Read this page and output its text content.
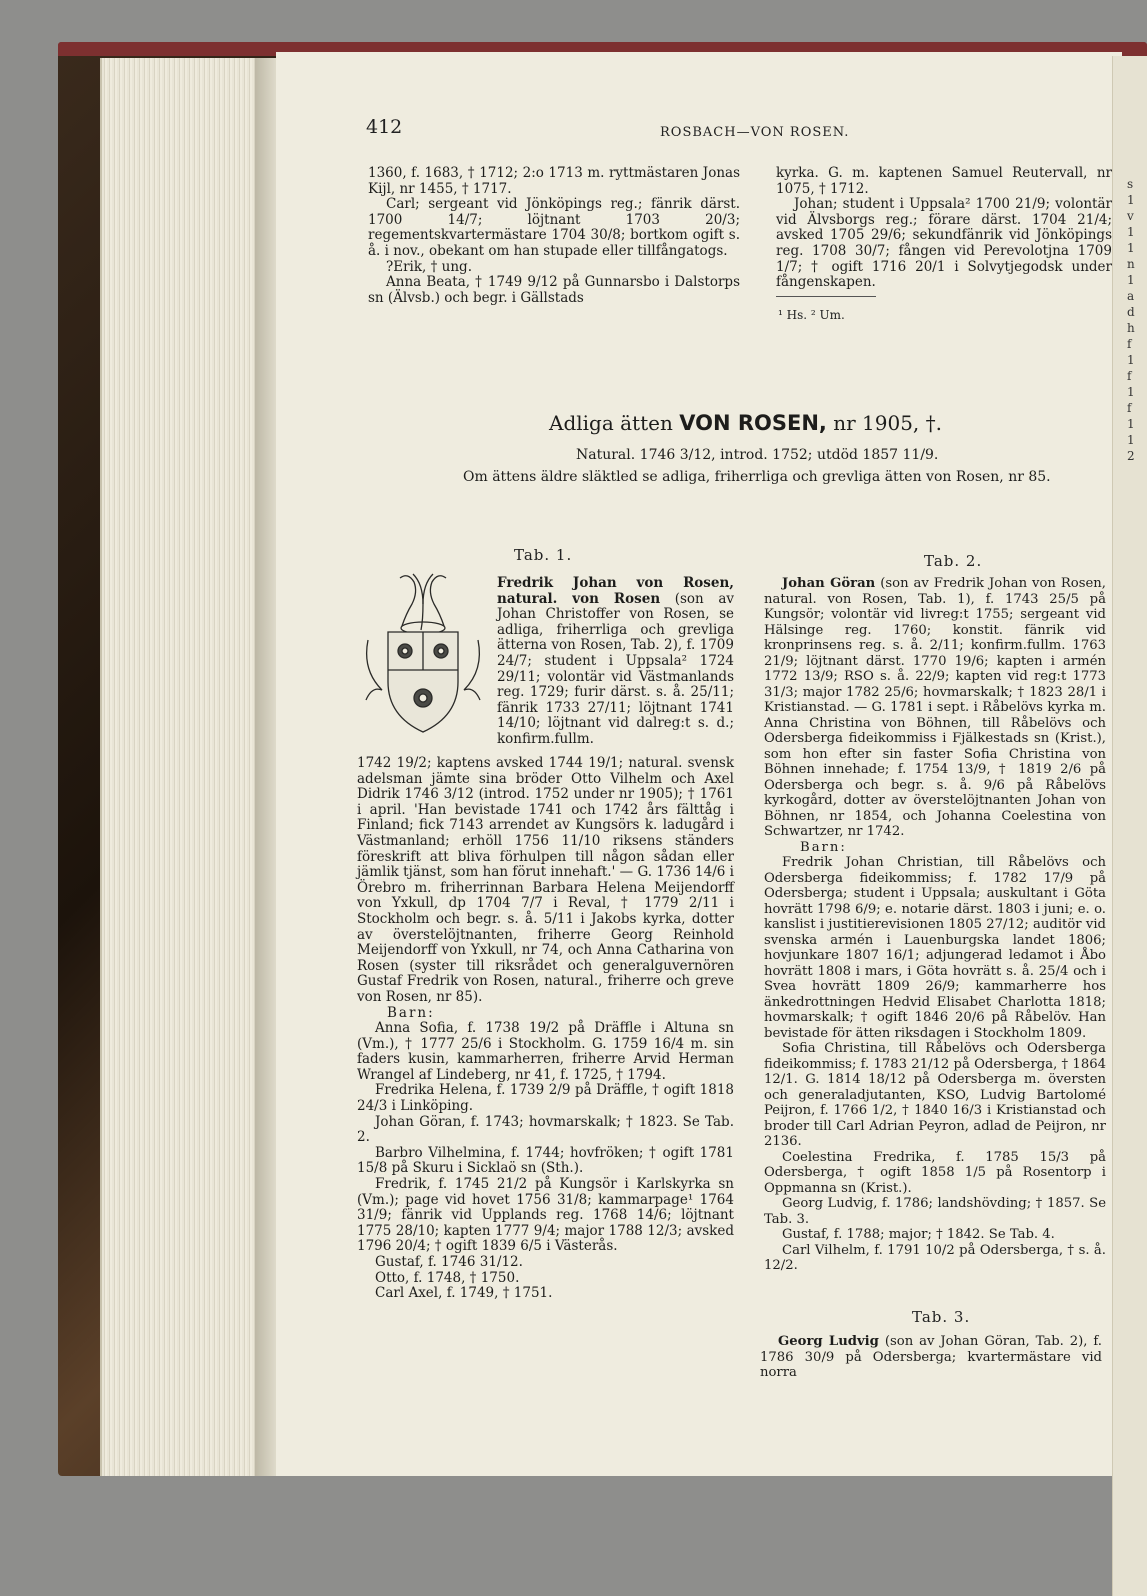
s
1
v
1
1
n
1
a
d
h
f
1
f
1
f
1
1
2
412	ROSBACH—VON ROSEN.

1360, f. 1683, † 1712; 2:o 1713 m. ryttmästaren Jonas Kijl, nr 1455, † 1717.

Carl; sergeant vid Jönköpings reg.; fänrik därst. 1700 14/7; löjtnant 1703 20/3; regementskvartermästare 1704 30/8; bortkom ogift s. å. i nov., obekant om han stupade eller tillfångatogs.

?Erik, † ung.

Anna Beata, † 1749 9/12 på Gunnarsbo i Dalstorps sn (Älvsb.) och begr. i Gällstads

kyrka. G. m. kaptenen Samuel Reutervall, nr 1075, † 1712.

Johan; student i Uppsala² 1700 21/9; volontär vid Älvsborgs reg.; förare därst. 1704 21/4; avsked 1705 29/6; sekundfänrik vid Jönköpings reg. 1708 30/7; fången vid Perevolotjna 1709 1/7; † ogift 1716 20/1 i Solvytjegodsk under fångenskapen.

¹ Hs. ² Um.
Adliga ätten VON ROSEN, nr 1905, †.
Natural. 1746 3/12, introd. 1752; utdöd 1857 11/9.
Om ättens äldre släktled se adliga, friherrliga och grevliga ätten von Rosen, nr 85.
Tab. 1.

Fredrik Johan von Rosen, natural. von Rosen (son av Johan Christoffer von Rosen, se adliga, friherrliga och grevliga ätterna von Rosen, Tab. 2), f. 1709 24/7; student i Uppsala² 1724 29/11; volontär vid Västmanlands reg. 1729; furir därst. s. å. 25/11; fänrik 1733 27/11; löjtnant 1741 14/10; löjtnant vid dalreg:t s. d.; konfirm.fullm.

1742 19/2; kaptens avsked 1744 19/1; natural. svensk adelsman jämte sina bröder Otto Vilhelm och Axel Didrik 1746 3/12 (introd. 1752 under nr 1905); † 1761 i april. 'Han bevistade 1741 och 1742 års fälttåg i Finland; fick 7143 arrendet av Kungsörs k. ladugård i Västmanland; erhöll 1756 11/10 riksens ständers föreskrift att bliva förhulpen till någon sådan eller jämlik tjänst, som han förut innehaft.' — G. 1736 14/6 i Örebro m. friherrinnan Barbara Helena Meijendorff von Yxkull, dp 1704 7/7 i Reval, † 1779 2/11 i Stockholm och begr. s. å. 5/11 i Jakobs kyrka, dotter av överstelöjtnanten, friherre Georg Reinhold Meijendorff von Yxkull, nr 74, och Anna Catharina von Rosen (syster till riksrådet och generalguvernören Gustaf Fredrik von Rosen, natural., friherre och greve von Rosen, nr 85).

Barn:

Anna Sofia, f. 1738 19/2 på Dräffle i Altuna sn (Vm.), † 1777 25/6 i Stockholm. G. 1759 16/4 m. sin faders kusin, kammarherren, friherre Arvid Herman Wrangel af Lindeberg, nr 41, f. 1725, † 1794.

Fredrika Helena, f. 1739 2/9 på Dräffle, † ogift 1818 24/3 i Linköping.

Johan Göran, f. 1743; hovmarskalk; † 1823. Se Tab. 2.

Barbro Vilhelmina, f. 1744; hovfröken; † ogift 1781 15/8 på Skuru i Sicklaö sn (Sth.).

Fredrik, f. 1745 21/2 på Kungsör i Karlskyrka sn (Vm.); page vid hovet 1756 31/8; kammarpage¹ 1764 31/9; fänrik vid Upplands reg. 1768 14/6; löjtnant 1775 28/10; kapten 1777 9/4; major 1788 12/3; avsked 1796 20/4; † ogift 1839 6/5 i Västerås.

Gustaf, f. 1746 31/12.

Otto, f. 1748, † 1750.

Carl Axel, f. 1749, † 1751.

Tab. 2.

Johan Göran (son av Fredrik Johan von Rosen, natural. von Rosen, Tab. 1), f. 1743 25/5 på Kungsör; volontär vid livreg:t 1755; sergeant vid Hälsinge reg. 1760; konstit. fänrik vid kronprinsens reg. s. å. 2/11; konfirm.fullm. 1763 21/9; löjtnant därst. 1770 19/6; kapten i armén 1772 13/9; RSO s. å. 22/9; kapten vid reg:t 1773 31/3; major 1782 25/6; hovmarskalk; † 1823 28/1 i Kristianstad. — G. 1781 i sept. i Råbelövs kyrka m. Anna Christina von Böhnen, till Råbelövs och Odersberga fideikommiss i Fjälkestads sn (Krist.), som hon efter sin faster Sofia Christina von Böhnen innehade; f. 1754 13/9, † 1819 2/6 på Odersberga och begr. s. å. 9/6 på Råbelövs kyrkogård, dotter av överstelöjtnanten Johan von Böhnen, nr 1854, och Johanna Coelestina von Schwartzer, nr 1742.

Barn:

Fredrik Johan Christian, till Råbelövs och Odersberga fideikommiss; f. 1782 17/9 på Odersberga; student i Uppsala; auskultant i Göta hovrätt 1798 6/9; e. notarie därst. 1803 i juni; e. o. kanslist i justitierevisionen 1805 27/12; auditör vid svenska armén i Lauenburgska landet 1806; hovjunkare 1807 16/1; adjungerad ledamot i Åbo hovrätt 1808 i mars, i Göta hovrätt s. å. 25/4 och i Svea hovrätt 1809 26/9; kammarherre hos änkedrottningen Hedvid Elisabet Charlotta 1818; hovmarskalk; † ogift 1846 20/6 på Råbelöv. Han bevistade för ätten riksdagen i Stockholm 1809.

Sofia Christina, till Råbelövs och Odersberga fideikommiss; f. 1783 21/12 på Odersberga, † 1864 12/1. G. 1814 18/12 på Odersberga m. översten och generaladjutanten, KSO, Ludvig Bartolomé Peijron, f. 1766 1/2, † 1840 16/3 i Kristianstad och broder till Carl Adrian Peyron, adlad de Peijron, nr 2136.

Coelestina Fredrika, f. 1785 15/3 på Odersberga, † ogift 1858 1/5 på Rosentorp i Oppmanna sn (Krist.).

Georg Ludvig, f. 1786; landshövding; † 1857. Se Tab. 3.

Gustaf, f. 1788; major; † 1842. Se Tab. 4.

Carl Vilhelm, f. 1791 10/2 på Odersberga, † s. å. 12/2.

Tab. 3.

Georg Ludvig (son av Johan Göran, Tab. 2), f. 1786 30/9 på Odersberga; kvartermästare vid norra
